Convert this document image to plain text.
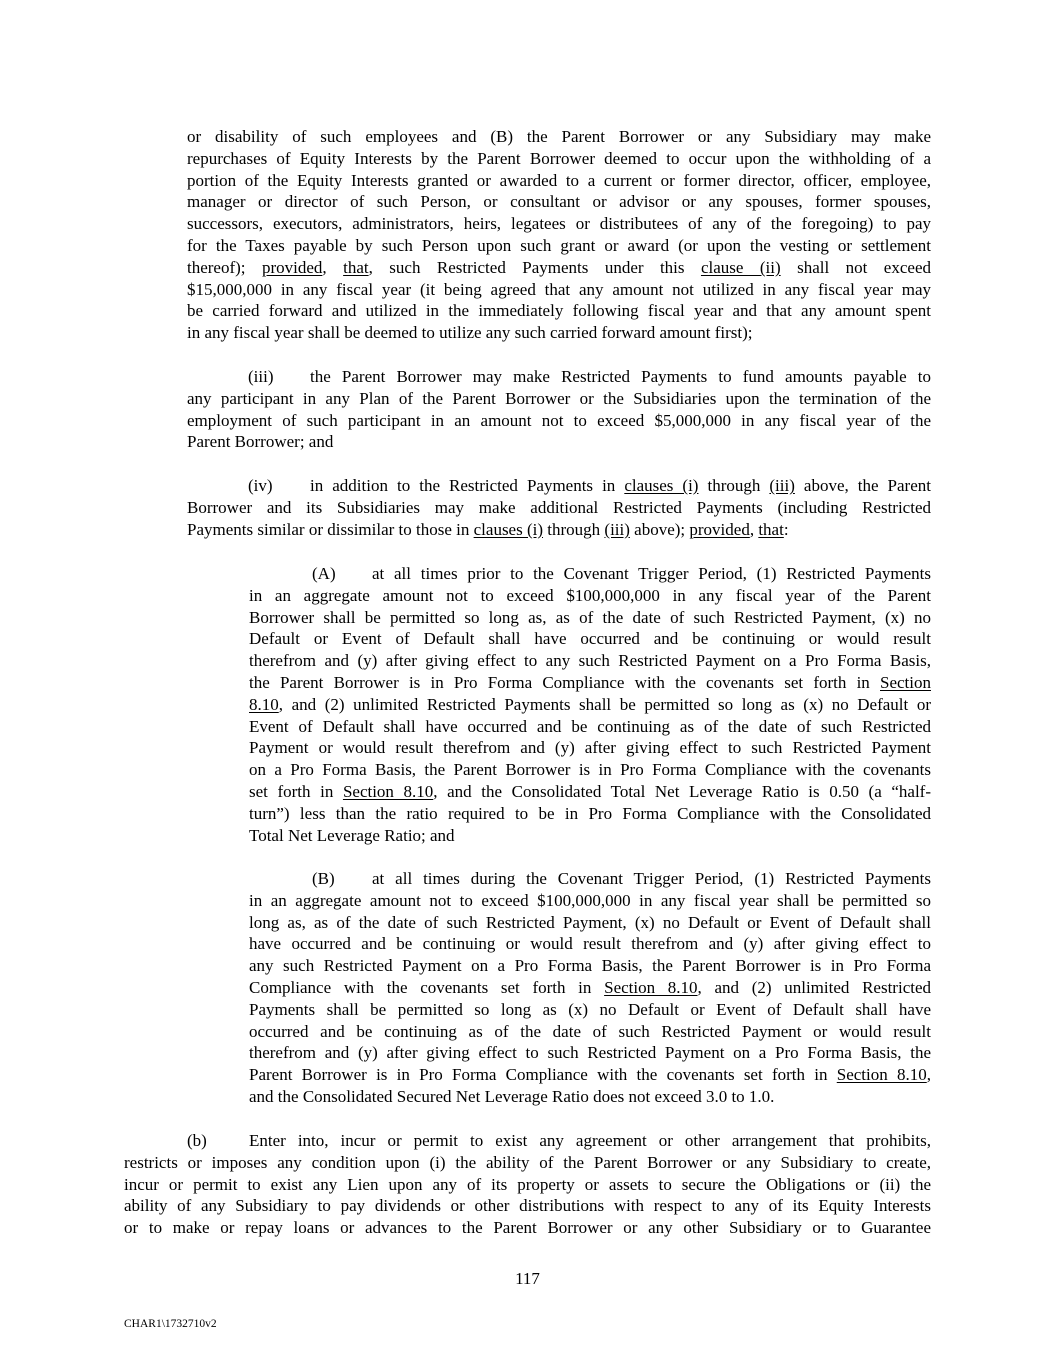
or disability of such employees and (B) the Parent Borrower or any Subsidiary may make
repurchases of Equity Interests by the Parent Borrower deemed to occur upon the withholding of a
portion of the Equity Interests granted or awarded to a current or former director, officer, employee,
manager or director of such Person, or consultant or advisor or any spouses, former spouses,
successors, executors, administrators, heirs, legatees or distributees of any of the foregoing) to pay
for the Taxes payable by such Person upon such grant or award (or upon the vesting or settlement
thereof); provided, that, such Restricted Payments under this clause (ii) shall not exceed
$15,000,000 in any fiscal year (it being agreed that any amount not utilized in any fiscal year may
be carried forward and utilized in the immediately following fiscal year and that any amount spent
in any fiscal year shall be deemed to utilize any such carried forward amount first);
(iii) the Parent Borrower may make Restricted Payments to fund amounts payable to
any participant in any Plan of the Parent Borrower or the Subsidiaries upon the termination of the
employment of such participant in an amount not to exceed $5,000,000 in any fiscal year of the
Parent Borrower; and
(iv) in addition to the Restricted Payments in clauses (i) through (iii) above, the Parent
Borrower and its Subsidiaries may make additional Restricted Payments (including Restricted
Payments similar or dissimilar to those in clauses (i) through (iii) above); provided, that:
(A) at all times prior to the Covenant Trigger Period, (1) Restricted Payments
in an aggregate amount not to exceed $100,000,000 in any fiscal year of the Parent
Borrower shall be permitted so long as, as of the date of such Restricted Payment, (x) no
Default or Event of Default shall have occurred and be continuing or would result
therefrom and (y) after giving effect to any such Restricted Payment on a Pro Forma Basis,
the Parent Borrower is in Pro Forma Compliance with the covenants set forth in Section
8.10, and (2) unlimited Restricted Payments shall be permitted so long as (x) no Default or
Event of Default shall have occurred and be continuing as of the date of such Restricted
Payment or would result therefrom and (y) after giving effect to such Restricted Payment
on a Pro Forma Basis, the Parent Borrower is in Pro Forma Compliance with the covenants
set forth in Section 8.10, and the Consolidated Total Net Leverage Ratio is 0.50 (a “half-
turn”) less than the ratio required to be in Pro Forma Compliance with the Consolidated
Total Net Leverage Ratio; and
(B) at all times during the Covenant Trigger Period, (1) Restricted Payments
in an aggregate amount not to exceed $100,000,000 in any fiscal year shall be permitted so
long as, as of the date of such Restricted Payment, (x) no Default or Event of Default shall
have occurred and be continuing or would result therefrom and (y) after giving effect to
any such Restricted Payment on a Pro Forma Basis, the Parent Borrower is in Pro Forma
Compliance with the covenants set forth in Section 8.10, and (2) unlimited Restricted
Payments shall be permitted so long as (x) no Default or Event of Default shall have
occurred and be continuing as of the date of such Restricted Payment or would result
therefrom and (y) after giving effect to such Restricted Payment on a Pro Forma Basis, the
Parent Borrower is in Pro Forma Compliance with the covenants set forth in Section 8.10,
and the Consolidated Secured Net Leverage Ratio does not exceed 3.0 to 1.0.
(b) Enter into, incur or permit to exist any agreement or other arrangement that prohibits,
restricts or imposes any condition upon (i) the ability of the Parent Borrower or any Subsidiary to create,
incur or permit to exist any Lien upon any of its property or assets to secure the Obligations or (ii) the
ability of any Subsidiary to pay dividends or other distributions with respect to any of its Equity Interests
or to make or repay loans or advances to the Parent Borrower or any other Subsidiary or to Guarantee
117
CHAR1\1732710v2
